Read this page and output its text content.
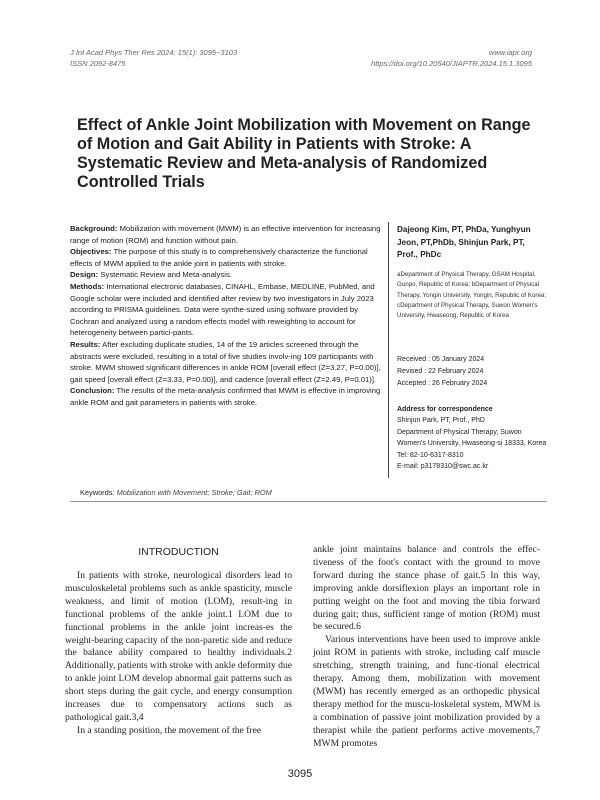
J Int Acad Phys Ther Res 2024; 15(1): 3095~3103
ISSN 2092-8475
www.iapr.org
https://doi.org/10.20540/JIAPTR.2024.15.1.3095
Effect of Ankle Joint Mobilization with Movement on Range of Motion and Gait Ability in Patients with Stroke: A Systematic Review and Meta-analysis of Randomized Controlled Trials

Background: Mobilization with movement (MWM) is an effective intervention for increasing range of motion (ROM) and function without pain.

Objectives: The purpose of this study is to comprehensively characterize the functional effects of MWM applied to the ankle joint in patients with stroke.

Design: Systematic Review and Meta-analysis.

Methods: International electronic databases, CINAHL, Embase, MEDLINE, PubMed, and Google scholar were included and identified after review by two investigators in July 2023 according to PRISMA guidelines. Data were synthe-sized using software provided by Cochran and analyzed using a random effects model with reweighting to account for heterogeneity between partici-pants.

Results: After excluding duplicate studies, 14 of the 19 articles screened through the abstracts were excluded, resulting in a total of five studies involv-ing 109 participants with stroke. MWM showed significant differences in ankle ROM [overall effect (Z=3.27, P=0.00)], gait speed [overall effect (Z=3.33, P=0.00)], and cadence [overall effect (Z=2.49, P=0.01)].

Conclusion: The results of the meta-analysis confirmed that MWM is effective in improving ankle ROM and gait parameters in patients with stroke.

Dajeong Kim, PT, PhDa, Yunghyun Jeon, PT,PhDb, Shinjun Park, PT, Prof., PhDc
aDepartment of Physical Therapy, GSAM Hospital, Gunpo, Republic of Korea; bDepartment of Physical Therapy, Yongin University, Yongin, Republic of Korea; cDepartment of Physical Therapy, Suwon Women's University, Hwaseong, Republic of Korea
Received : 05 January 2024
Revised : 22 February 2024
Accepted : 26 February 2024
Address for correspondence
Shinjun Park, PT, Prof., PhD
Department of Physical Therapy, Suwon Women's University, Hwaseong-si 18333, Korea
Tel: 82-10-6317-8310
E-mail: p3178310@swc.ac.kr
Keywords: Mobilization with Movement; Stroke; Gait; ROM
INTRODUCTION

In patients with stroke, neurological disorders lead to musculoskeletal problems such as ankle spasticity, muscle weakness, and limit of motion (LOM), result-ing in functional problems of the ankle joint.1 LOM due to functional problems in the ankle joint increas-es the weight-bearing capacity of the non-paretic side and reduce the balance ability compared to healthy individuals.2 Additionally, patients with stroke with ankle deformity due to ankle joint LOM develop abnormal gait patterns such as short steps during the gait cycle, and energy consumption increases due to compensatory actions such as pathological gait.3,4

In a standing position, the movement of the free

ankle joint maintains balance and controls the effec-tiveness of the foot's contact with the ground to move forward during the stance phase of gait.5 In this way, improving ankle dorsiflexion plays an important role in putting weight on the foot and moving the tibia forward during gait; thus, sufficient range of motion (ROM) must be secured.6

Various interventions have been used to improve ankle joint ROM in patients with stroke, including calf muscle stretching, strength training, and func-tional electrical therapy. Among them, mobilization with movement (MWM) has recently emerged as an orthopedic physical therapy method for the muscu-loskeletal system, MWM is a combination of passive joint mobilization provided by a therapist while the patient performs active movements,7 MWM promotes

3095
